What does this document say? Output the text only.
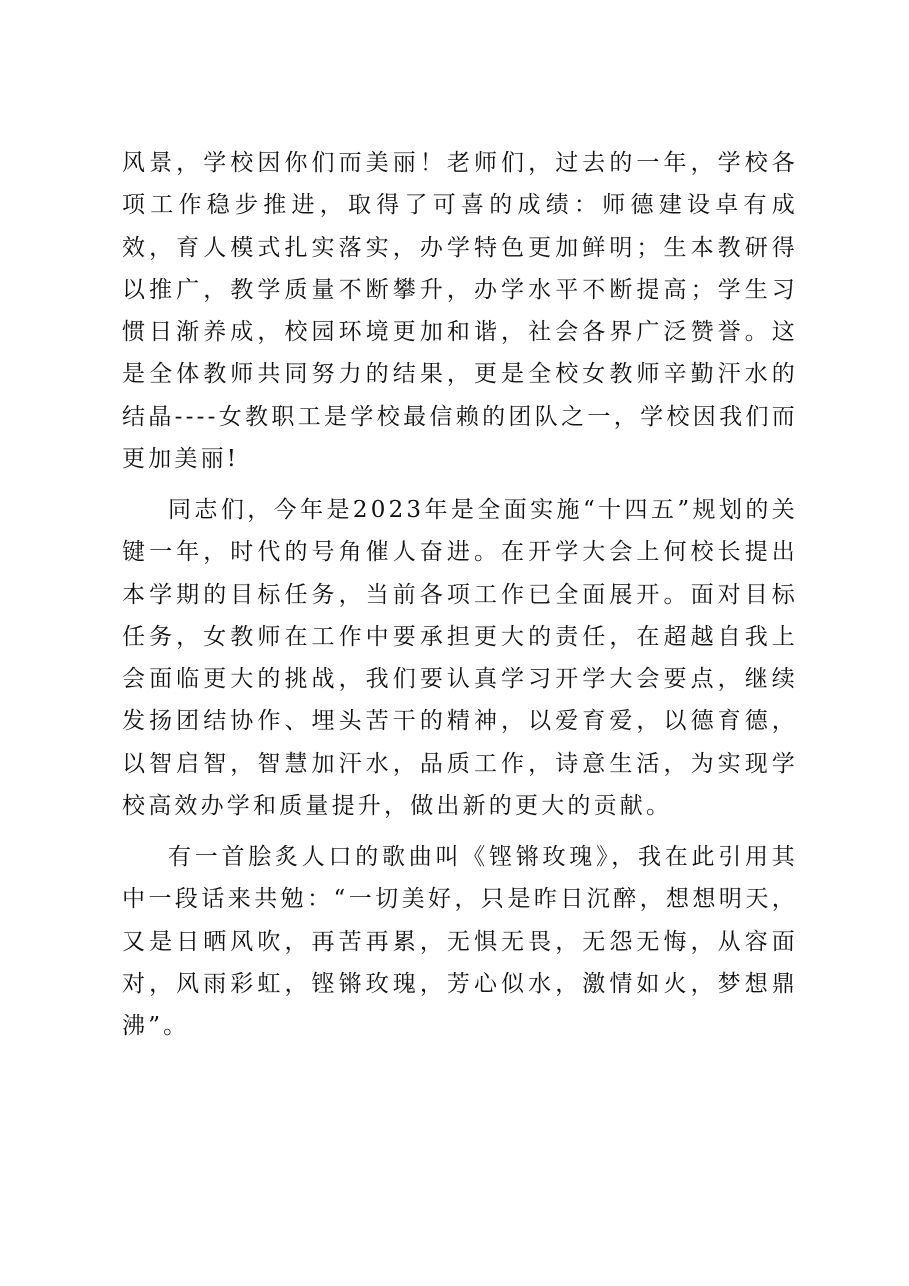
风景，学校因你们而美丽！老师们，过去的一年，学校各项工作稳步推进，取得了可喜的成绩：师德建设卓有成效，育人模式扎实落实，办学特色更加鲜明；生本教研得以推广，教学质量不断攀升，办学水平不断提高；学生习惯日渐养成，校园环境更加和谐，社会各界广泛赞誉。这是全体教师共同努力的结果，更是全校女教师辛勤汗水的结晶----女教职工是学校最信赖的团队之一，学校因我们而更加美丽!

同志们，今年是2023年是全面实施“十四五”规划的关键一年，时代的号角催人奋进。在开学大会上何校长提出本学期的目标任务，当前各项工作已全面展开。面对目标任务，女教师在工作中要承担更大的责任，在超越自我上会面临更大的挑战，我们要认真学习开学大会要点，继续发扬团结协作、埋头苦干的精神，以爱育爱，以德育德，以智启智，智慧加汗水，品质工作，诗意生活，为实现学校高效办学和质量提升，做出新的更大的贡献。

有一首脍炙人口的歌曲叫《铿锵玫瑰》，我在此引用其中一段话来共勉：“一切美好，只是昨日沉醉，想想明天，又是日晒风吹，再苦再累，无惧无畏，无怨无悔，从容面对，风雨彩虹，铿锵玫瑰，芳心似水，激情如火，梦想鼎沸”。
